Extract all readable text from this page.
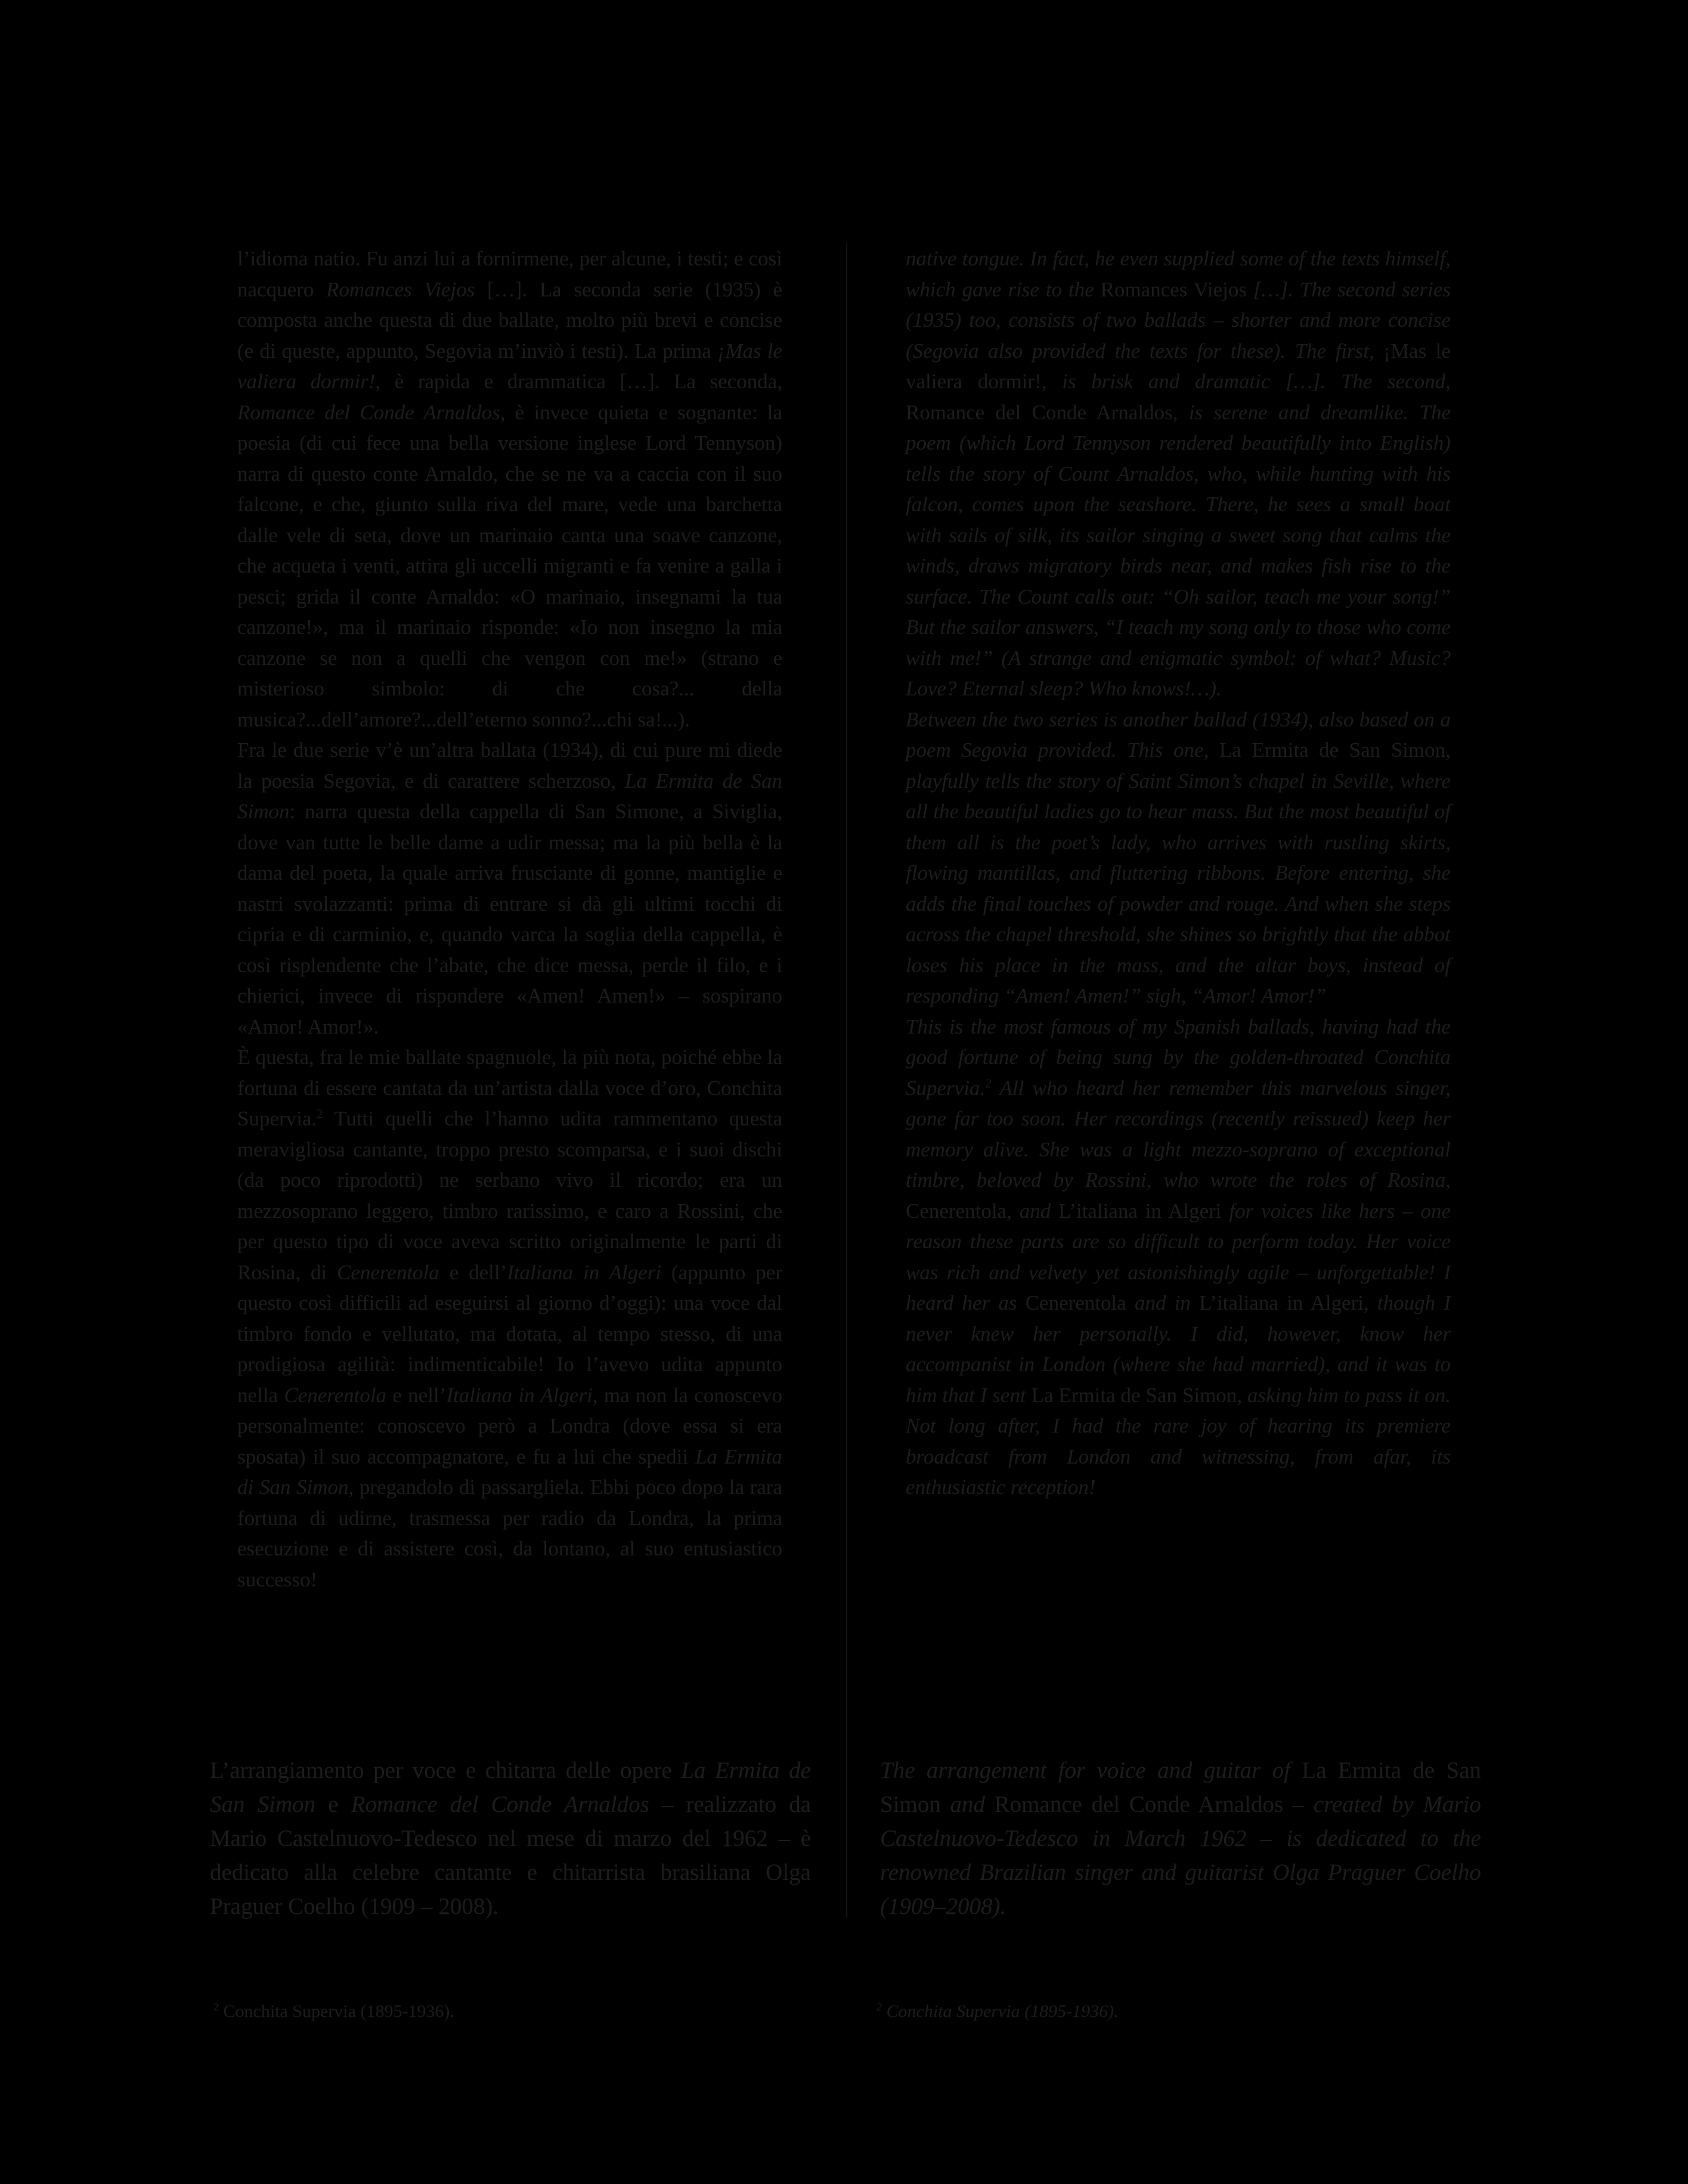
l’idioma natio. Fu anzi lui a fornirmene, per alcune, i testi; e così nacquero Romances Viejos […]. La seconda serie (1935) è composta anche questa di due ballate, molto più brevi e concise (e di queste, appunto, Segovia m’inviò i testi). La prima ¡Mas le valiera dormir!, è rapida e drammatica […]. La seconda, Romance del Conde Arnaldos, è invece quieta e sognante: la poesia (di cui fece una bella versione inglese Lord Tennyson) narra di questo conte Arnaldo, che se ne va a caccia con il suo falcone, e che, giunto sulla riva del mare, vede una barchetta dalle vele di seta, dove un marinaio canta una soave canzone, che acqueta i venti, attira gli uccelli migranti e fa venire a galla i pesci; grida il conte Arnaldo: «O marinaio, insegnami la tua canzone!», ma il marinaio risponde: «Io non insegno la mia canzone se non a quelli che vengon con me!» (strano e misterioso simbolo: di che cosa?... della musica?...dell’amore?...dell’eterno sonno?...chi sa!...).

Fra le due serie v’è un’altra ballata (1934), di cui pure mi diede la poesia Segovia, e di carattere scherzoso, La Ermita de San Simon: narra questa della cappella di San Simone, a Siviglia, dove van tutte le belle dame a udir messa; ma la più bella è la dama del poeta, la quale arriva frusciante di gonne, mantiglie e nastri svolazzanti: prima di entrare si dà gli ultimi tocchi di cipria e di carminio, e, quando varca la soglia della cappella, è così risplendente che l’abate, che dice messa, perde il filo, e i chierici, invece di rispondere «Amen! Amen!» – sospirano «Amor! Amor!».

È questa, fra le mie ballate spagnuole, la più nota, poiché ebbe la fortuna di essere cantata da un’artista dalla voce d’oro, Conchita Supervia.$^2$ Tutti quelli che l’hanno udita rammentano questa meravigliosa cantante, troppo presto scomparsa, e i suoi dischi (da poco riprodotti) ne serbano vivo il ricordo; era un mezzosoprano leggero, timbro rarissimo, e caro a Rossini, che per questo tipo di voce aveva scritto originalmente le parti di Rosina, di Cenerentola e dell’Italiana in Algeri (appunto per questo così difficili ad eseguirsi al giorno d’oggi): una voce dal timbro fondo e vellutato, ma dotata, al tempo stesso, di una prodigiosa agilità: indimenticabile! Io l’avevo udita appunto nella Cenerentola e nell’Italiana in Algeri, ma non la conoscevo personalmente: conoscevo però a Londra (dove essa si era sposata) il suo accompagnatore, e fu a lui che spedii La Ermita di San Simon, pregandolo di passargliela. Ebbi poco dopo la rara fortuna di udirne, trasmessa per radio da Londra, la prima esecuzione e di assistere così, da lontano, al suo entusiastico successo!

native tongue. In fact, he even supplied some of the texts himself, which gave rise to the Romances Viejos […]. The second series (1935) too, consists of two ballads – shorter and more concise (Segovia also provided the texts for these). The first, ¡Mas le valiera dormir!, is brisk and dramatic […]. The second, Romance del Conde Arnaldos, is serene and dreamlike. The poem (which Lord Tennyson rendered beautifully into English) tells the story of Count Arnaldos, who, while hunting with his falcon, comes upon the seashore. There, he sees a small boat with sails of silk, its sailor singing a sweet song that calms the winds, draws migratory birds near, and makes fish rise to the surface. The Count calls out: “Oh sailor, teach me your song!” But the sailor answers, “I teach my song only to those who come with me!” (A strange and enigmatic symbol: of what? Music? Love? Eternal sleep? Who knows!…).

Between the two series is another ballad (1934), also based on a poem Segovia provided. This one, La Ermita de San Simon, playfully tells the story of Saint Simon’s chapel in Seville, where all the beautiful ladies go to hear mass. But the most beautiful of them all is the poet’s lady, who arrives with rustling skirts, flowing mantillas, and fluttering ribbons. Before entering, she adds the final touches of powder and rouge. And when she steps across the chapel threshold, she shines so brightly that the abbot loses his place in the mass, and the altar boys, instead of responding “Amen! Amen!” sigh, “Amor! Amor!”

This is the most famous of my Spanish ballads, having had the good fortune of being sung by the golden-throated Conchita Supervia.$^2$ All who heard her remember this marvelous singer, gone far too soon. Her recordings (recently reissued) keep her memory alive. She was a light mezzo-soprano of exceptional timbre, beloved by Rossini, who wrote the roles of Rosina, Cenerentola, and L’italiana in Algeri for voices like hers – one reason these parts are so difficult to perform today. Her voice was rich and velvety yet astonishingly agile – unforgettable! I heard her as Cenerentola and in L’italiana in Algeri, though I never knew her personally. I did, however, know her accompanist in London (where she had married), and it was to him that I sent La Ermita de San Simon, asking him to pass it on. Not long after, I had the rare joy of hearing its premiere broadcast from London and witnessing, from afar, its enthusiastic reception!

L’arrangiamento per voce e chitarra delle opere La Ermita de San Simon e Romance del Conde Arnaldos – realizzato da Mario Castelnuovo-Tedesco nel mese di marzo del 1962 – è dedicato alla celebre cantante e chitarrista brasiliana Olga Praguer Coelho (1909 – 2008).
The arrangement for voice and guitar of La Ermita de San Simon and Romance del Conde Arnaldos – created by Mario Castelnuovo-Tedesco in March 1962 – is dedicated to the renowned Brazilian singer and guitarist Olga Praguer Coelho (1909–2008).
$^2$ Conchita Supervia (1895-1936).	$^2$ Conchita Supervia (1895-1936).
